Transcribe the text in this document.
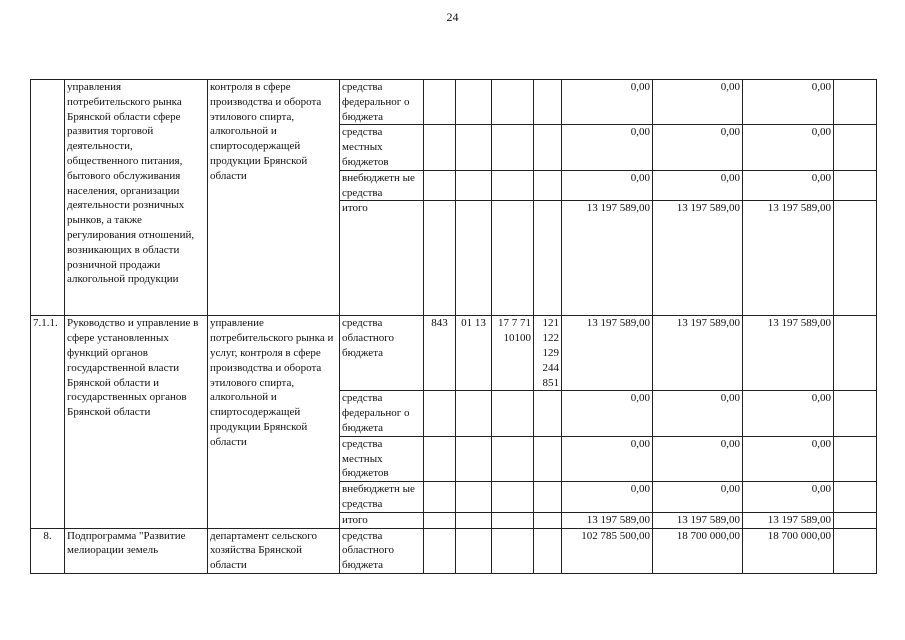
24
	управления потребительского рынка Брянской области сфере развития торговой деятельности, общественного питания, бытового обслуживания населения, организации деятельности розничных рынков, а также регулирования отношений, возникающих в области розничной продажи алкогольной продукции	контроля в сфере производства и оборота этилового спирта, алкогольной и спиртосодержащей продукции Брянской области	средства федеральног о бюджета					0,00	0,00	0,00	
			средства местных бюджетов					0,00	0,00	0,00	
			внебюджетн ые средства					0,00	0,00	0,00	
			итого					13 197 589,00	13 197 589,00	13 197 589,00	
7.1.1.	Руководство и управление в сфере установленных функций органов государственной власти Брянской области и государственных органов Брянской области	управление потребительского рынка и услуг, контроля в сфере производства и оборота этилового спирта, алкогольной и спиртосодержащей продукции Брянской области	средства областного бюджета	843	01 13	17 7 71 10100	121 122 129 244 851	13 197 589,00	13 197 589,00	13 197 589,00	
			средства федеральног о бюджета					0,00	0,00	0,00	
			средства местных бюджетов					0,00	0,00	0,00	
			внебюджетн ые средства					0,00	0,00	0,00	
			итого					13 197 589,00	13 197 589,00	13 197 589,00	
8.	Подпрограмма "Развитие мелиорации земель	департамент сельского хозяйства Брянской области	средства областного бюджета					102 785 500,00	18 700 000,00	18 700 000,00	
